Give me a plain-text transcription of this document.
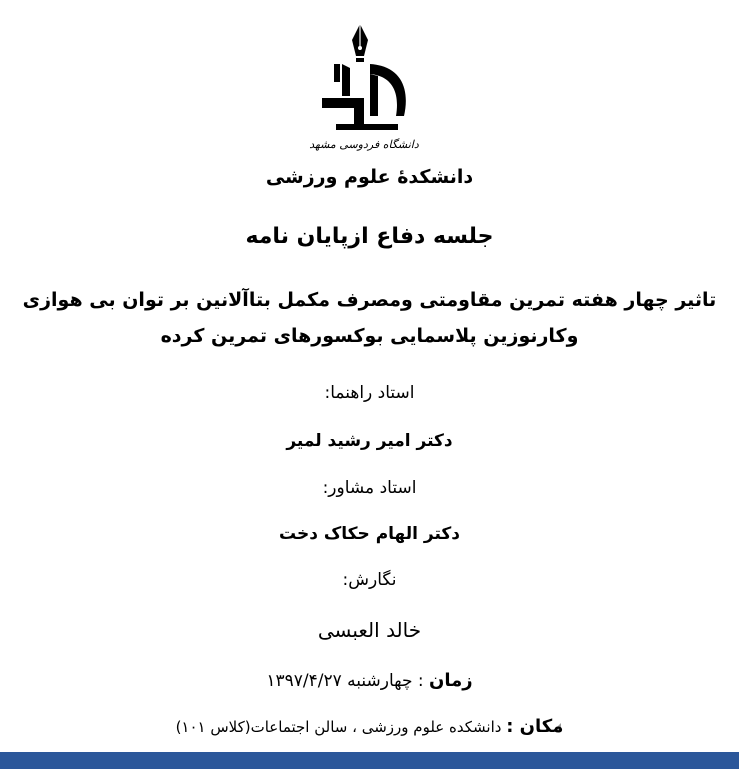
دانشگاه فردوسی مشهد
دانشکدهٔ علوم ورزشی
جلسه دفاع ازپایان نامه
تاثیر چهار هفته تمرین مقاومتی ومصرف مکمل بتاآلانین بر توان بی هوازی وکارنوزین پلاسمایی بوکسورهای تمرین کرده
استاد راهنما:
دکتر امیر رشید لمیر
استاد مشاور:
دکتر الهام حکاک دخت
نگارش:
خالد العبسی
زمان : چهارشنبه ۱۳۹۷/۴/۲۷
مکان : دانشکده علوم ورزشی ، سالن اجتماعات(کلاس ۱۰۱)
